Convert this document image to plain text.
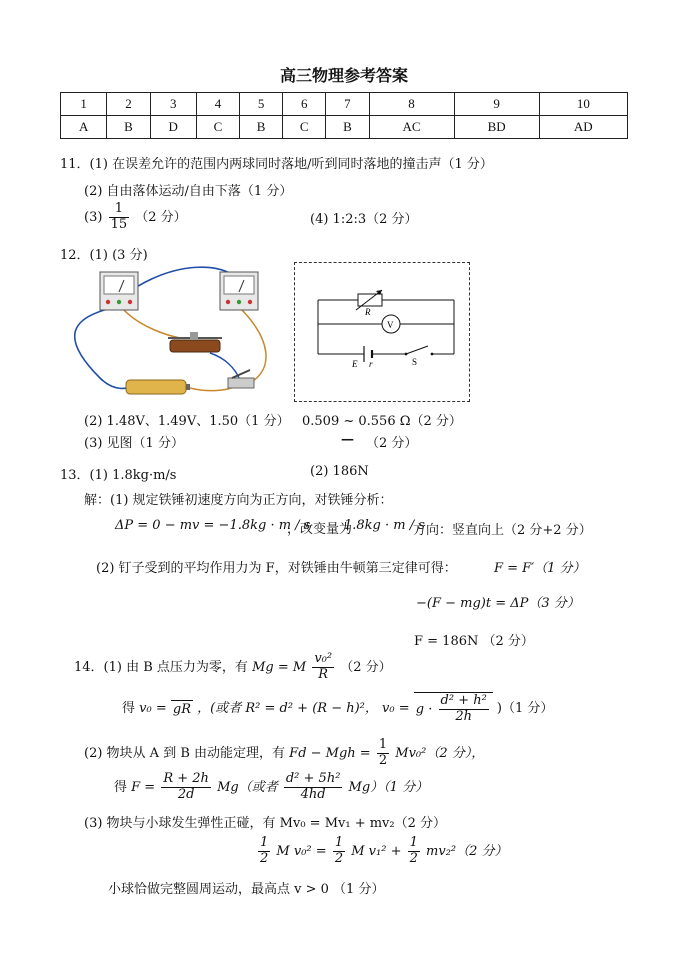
高三物理参考答案
1	2	3	4	5	6	7	8	9	10
A	B	D	C	B	C	B	AC	BD	AD
11．(1) 在误差允许的范围内两球同时落地/听到同时落地的撞击声（1 分）
(2) 自由落体运动/自由下落（1 分）
$(3) \frac{1}{15} (2$ 分）	(4) 1:2:3（2 分）
12．(1) (3 分)
R
V
E r	S
(2) 1.48V、1.49V、1.50（1 分） 0.509 ~ 0.556 Ω（2 分）
(3) 见图（1 分）	— （2 分）
13．(1) 1.8kg·m/s	(2) 186N
解：(1) 规定铁锤初速度方向为正方向，对铁锤分析：
ΔP = 0 − mv = −1.8kg · m / s
，改变量为
1.8kg · m / s
方向：竖直向上（2 分+2 分）
(2) 钉子受到的平均作用力为 F，对铁锤由牛顿第三定律可得：	F = F′（1 分）
−(F − mg)t = ΔP（3 分）
F = 186N （2 分）
14．(1) 由 B 点压力为零，有 Mg = M $\frac{\text{v₀²}}{R} (2$ 分）
得 v₀ = gR ，(或者 R² = d² + (R − h)²， $v_0 = g \cdot \frac{\text{d² + h²}}{2h} )(1$ 分）
(2) 物块从 A 到 B 由动能定理，有 Fd − Mgh = $\frac{1}{2} Mv_0^2(2$ 分），
得 $F = \frac{R + 2h}{2d} Mg$（或者 $\frac{\text{d² + 5h²}}{4hd} Mg)(1$ 分）
(3) 物块与小球发生弹性正碰，有 Mv₀ = Mv₁ + mv₂（2 分）
$\frac{1}{2}$ M $v_0^2 = \frac{1}{2}$ M $v_1^2 + \frac{1}{2} mv_2^2(2$ 分）
小球恰做完整圆周运动，最高点 v > 0 （1 分）
